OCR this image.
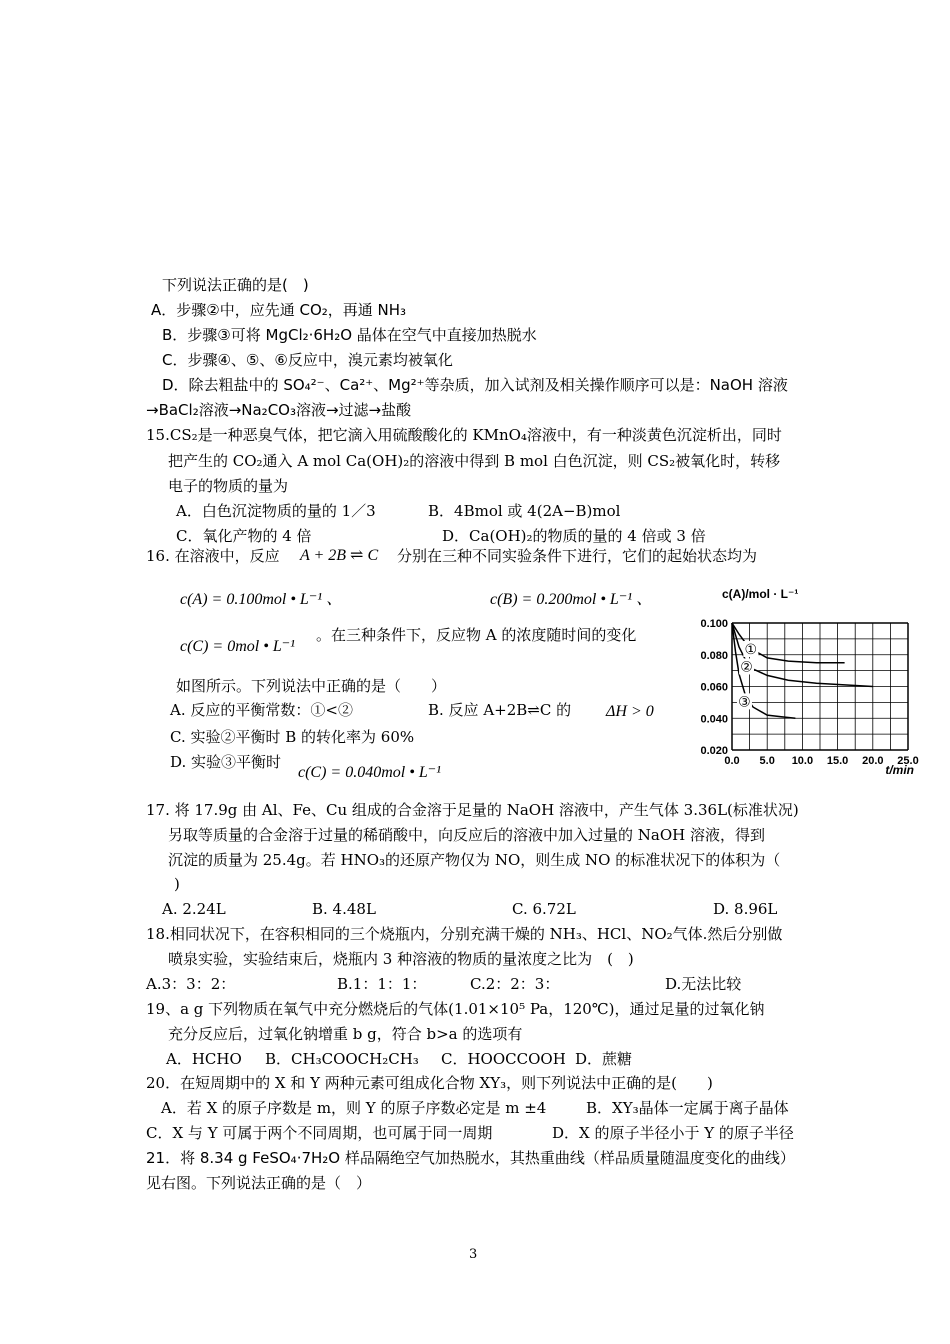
下列说法正确的是(　)
A．步骤②中，应先通 CO₂，再通 NH₃
B．步骤③可将 MgCl₂·6H₂O 晶体在空气中直接加热脱水
C．步骤④、⑤、⑥反应中，溴元素均被氧化
D．除去粗盐中的 SO₄²⁻、Ca²⁺、Mg²⁺等杂质，加入试剂及相关操作顺序可以是：NaOH 溶液
→BaCl₂溶液→Na₂CO₃溶液→过滤→盐酸
15.CS₂是一种恶臭气体，把它滴入用硫酸酸化的 KMnO₄溶液中，有一种淡黄色沉淀析出，同时
把产生的 CO₂通入 A mol Ca(OH)₂的溶液中得到 B mol 白色沉淀，则 CS₂被氧化时，转移
电子的物质的量为
A．白色沉淀物质的量的 1／3	B．4Bmol 或 4(2A−B)mol
C．氧化产物的 4 倍	D．Ca(OH)₂的物质的量的 4 倍或 3 倍
16. 在溶液中，反应 A + 2B ⇌ C 分别在三种不同实验条件下进行，它们的起始状态均为
c(A) = 0.100mol • L⁻¹ 、	c(B) = 0.200mol • L⁻¹ 、
c(C) = 0mol • L⁻¹
。在三种条件下，反应物 A 的浓度随时间的变化
如图所示。下列说法中正确的是（　　）
A. 反应的平衡常数：①<②	B. 反应 A+2B⇌C 的 ΔH > 0
C. 实验②平衡时 B 的转化率为 60%
D. 实验③平衡时
c(C) = 0.040mol • L⁻¹
0.020
0.040
0.060
0.080
0.100
0.0 5.0 10.0 15.0 20.0 25.0
c(A)/mol · L⁻¹
t/min
①
②
③
17. 将 17.9g 由 Al、Fe、Cu 组成的合金溶于足量的 NaOH 溶液中，产生气体 3.36L(标准状况)
另取等质量的合金溶于过量的稀硝酸中，向反应后的溶液中加入过量的 NaOH 溶液，得到
沉淀的质量为 25.4g。若 HNO₃的还原产物仅为 NO，则生成 NO 的标准状况下的体积为（
)
A. 2.24L	B. 4.48L	C. 6.72L	D. 8.96L
18.相同状况下，在容积相同的三个烧瓶内，分别充满干燥的 NH₃、HCl、NO₂气体.然后分别做
喷泉实验，实验结束后，烧瓶内 3 种溶液的物质的量浓度之比为　(　)
A.3：3：2：	B.1：1：1：	C.2：2：3：	D.无法比较
19、a g 下列物质在氧气中充分燃烧后的气体(1.01×10⁵ Pa，120℃)，通过足量的过氧化钠
充分反应后，过氧化钠增重 b g，符合 b>a 的选项有
A．HCHO B．CH₃COOCH₂CH₃ C．HOOCCOOH D．蔗糖
20．在短周期中的 X 和 Y 两种元素可组成化合物 XY₃，则下列说法中正确的是(　　)
A．若 X 的原子序数是 m，则 Y 的原子序数必定是 m ±4	B．XY₃晶体一定属于离子晶体
C．X 与 Y 可属于两个不同周期，也可属于同一周期	D．X 的原子半径小于 Y 的原子半径
21．将 8.34 g FeSO₄·7H₂O 样品隔绝空气加热脱水，其热重曲线（样品质量随温度变化的曲线）
见右图。下列说法正确的是（　）
3
